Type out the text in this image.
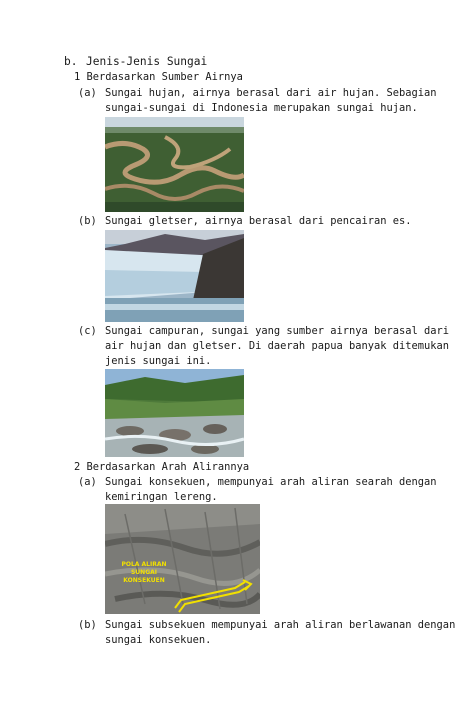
b. Jenis-Jenis Sungai
1 Berdasarkan Sumber Airnya
(a) Sungai hujan, airnya berasal dari air hujan. Sebagian
sungai-sungai di Indonesia merupakan sungai hujan.
(b) Sungai gletser, airnya berasal dari pencairan es.
(c) Sungai campuran, sungai yang sumber airnya berasal dari
air hujan dan gletser. Di daerah papua banyak ditemukan
jenis sungai ini.
2 Berdasarkan Arah Alirannya
(a) Sungai konsekuen, mempunyai arah aliran searah dengan
kemiringan lereng.
POLA ALIRAN
SUNGAI
KONSEKUEN
(b) Sungai subsekuen mempunyai arah aliran berlawanan dengan
sungai konsekuen.
